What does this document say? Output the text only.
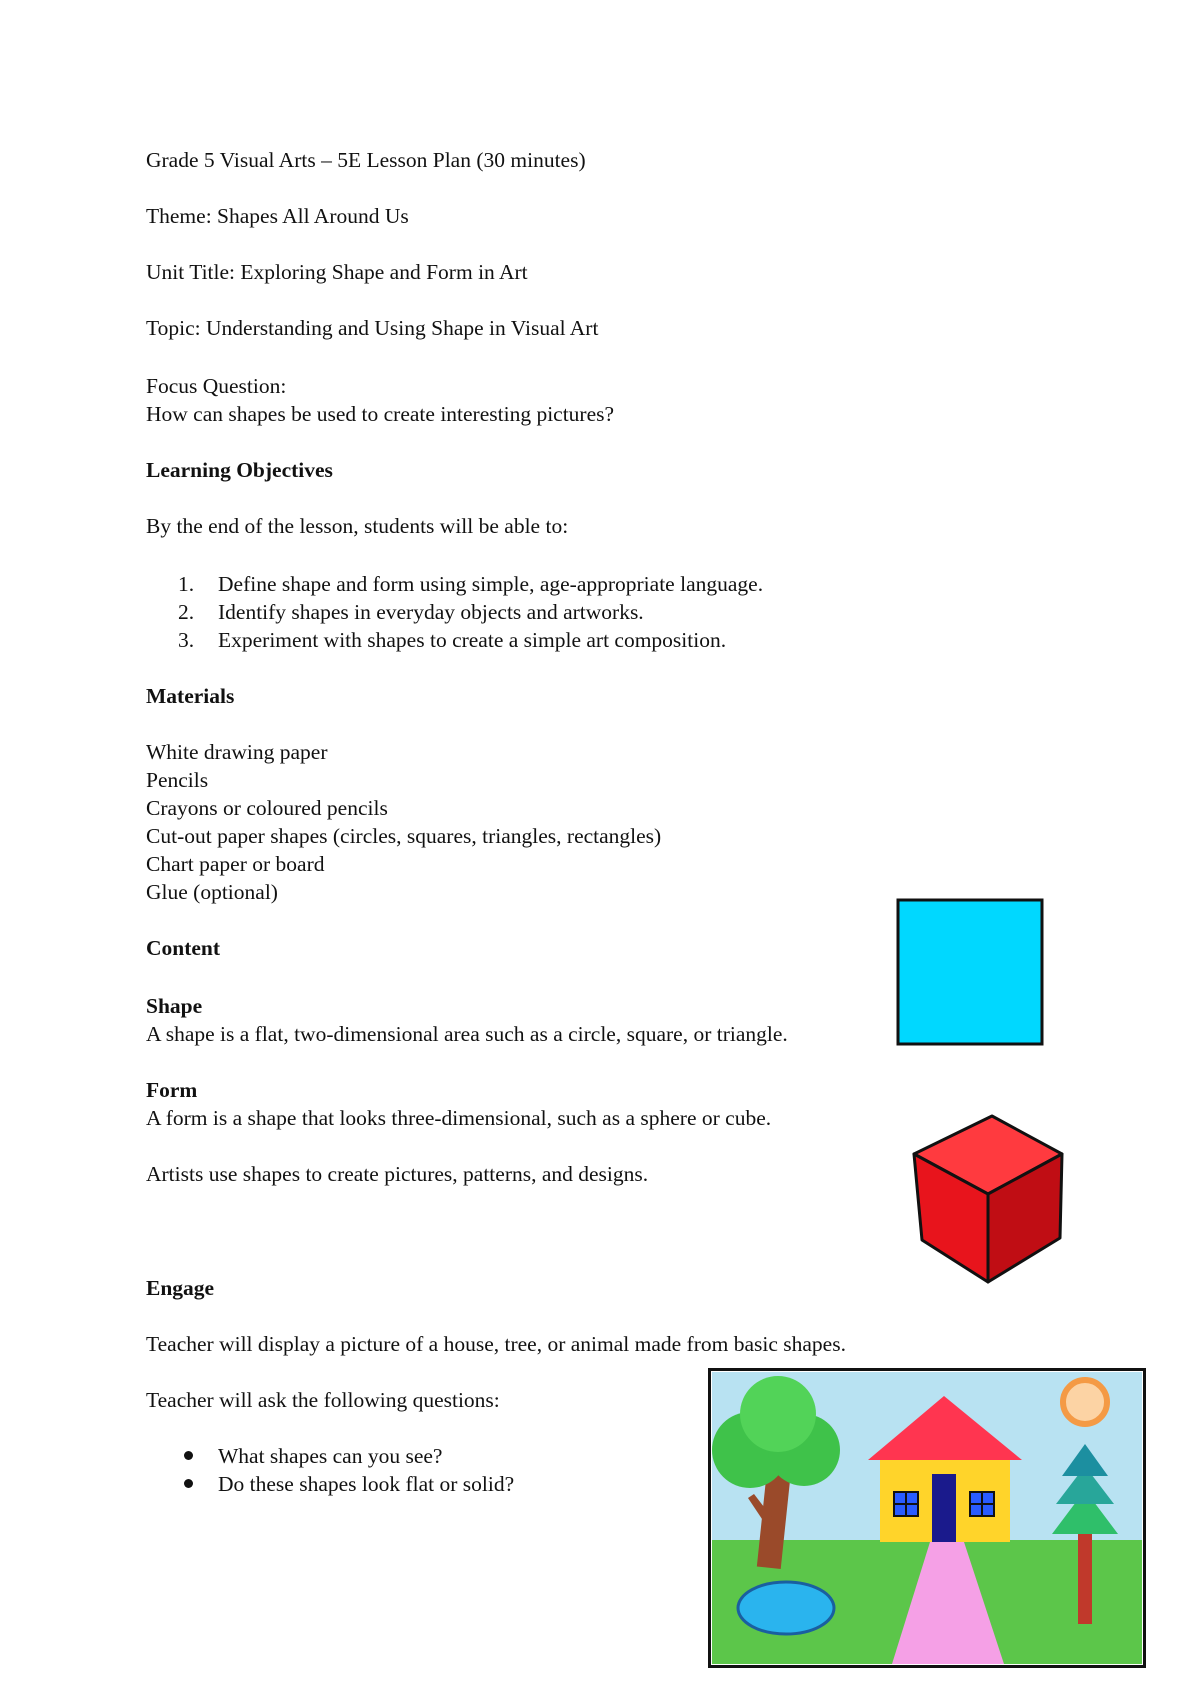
Grade 5 Visual Arts – 5E Lesson Plan (30 minutes)

Theme: Shapes All Around Us

Unit Title: Exploring Shape and Form in Art

Topic: Understanding and Using Shape in Visual Art

Focus Question:

How can shapes be used to create interesting pictures?

Learning Objectives

By the end of the lesson, students will be able to:

1. Define shape and form using simple, age-appropriate language.
2. Identify shapes in everyday objects and artworks.
3. Experiment with shapes to create a simple art composition.

Materials

White drawing paper

Pencils

Crayons or coloured pencils

Cut-out paper shapes (circles, squares, triangles, rectangles)

Chart paper or board

Glue (optional)

Content

Shape

A shape is a flat, two-dimensional area such as a circle, square, or triangle.

Form

A form is a shape that looks three-dimensional, such as a sphere or cube.

Artists use shapes to create pictures, patterns, and designs.

Engage

Teacher will display a picture of a house, tree, or animal made from basic shapes.

Teacher will ask the following questions:

What shapes can you see?
Do these shapes look flat or solid?
